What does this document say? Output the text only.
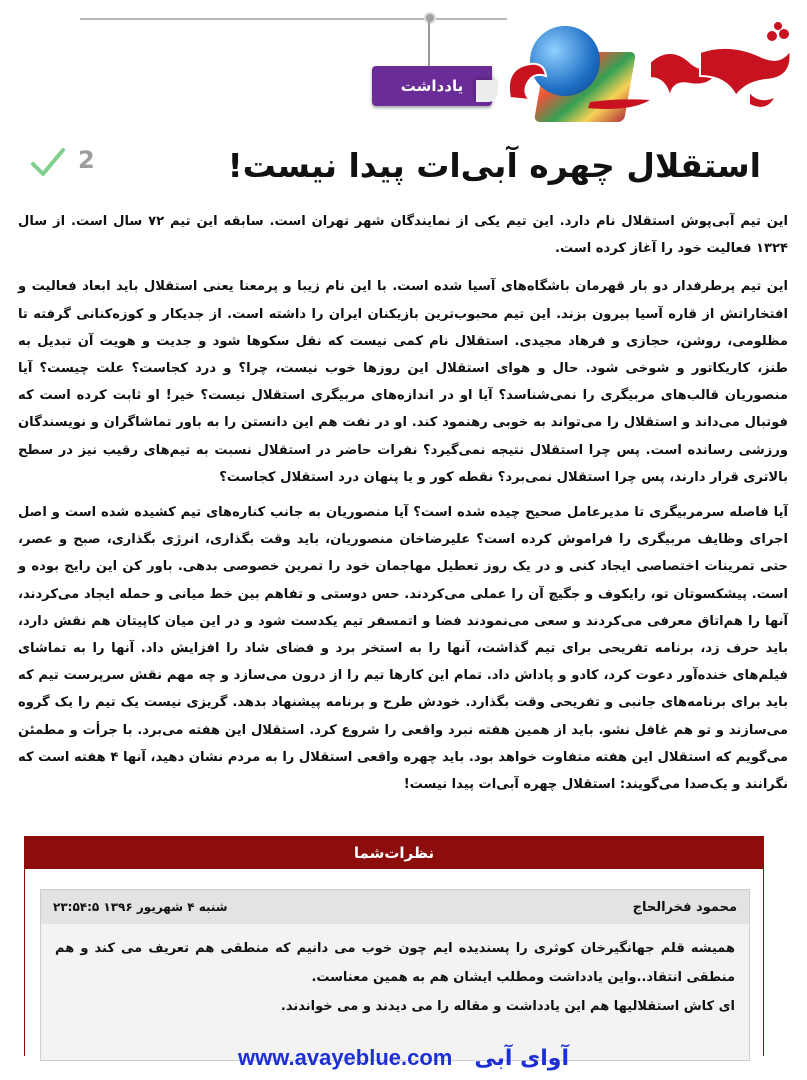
یادداشت
استقلال چهره آبی‌ات پیدا نیست!
2

این تیم آبی‌پوش استقلال نام دارد. این تیم یکی از نمایندگان شهر تهران است. سابقه این تیم ۷۲ سال است. از سال ۱۳۲۴ فعالیت خود را آغاز کرده است.

این تیم پرطرفدار دو بار قهرمان باشگاه‌های آسیا شده است. با این نام زیبا و پرمعنا یعنی استقلال باید ابعاد فعالیت و افتخاراتش از قاره آسیا بیرون بزند. این تیم محبوب‌ترین بازیکنان ایران را داشته است. از جدیکار و کوزه‌کنانی گرفته تا مظلومی، روشن، حجازی و فرهاد مجیدی. استقلال نام کمی نیست که نقل سکوها شود و جدیت و هویت آن تبدیل به طنز، کاریکاتور و شوخی شود. حال و هوای استقلال این روزها خوب نیست، چرا؟ و درد کجاست؟ علت چیست؟ آیا منصوریان قالب‌های مربیگری را نمی‌شناسد؟ آیا او در اندازه‌های مربیگری استقلال نیست؟ خیر! او ثابت کرده است که فوتبال می‌داند و استقلال را می‌تواند به خوبی رهنمود کند. او در نفت هم این دانستن را به باور تماشاگران و نویسندگان ورزشی رسانده است. پس چرا استقلال نتیجه نمی‌گیرد؟ نفرات حاضر در استقلال نسبت به تیم‌های رقیب نیز در سطح بالاتری قرار دارند، پس چرا استقلال نمی‌برد؟ نقطه کور و یا پنهان درد استقلال کجاست؟

آیا فاصله سرمربیگری تا مدیرعامل صحیح چیده شده است؟ آیا منصوریان به جانب کناره‌های تیم کشیده شده است و اصل اجرای وظایف مربیگری را فراموش کرده است؟ علیرضاخان منصوریان، باید وقت بگذاری، انرژی بگذاری، صبح و عصر، حتی تمرینات اختصاصی ایجاد کنی و در یک روز تعطیل مهاجمان خود را تمرین خصوصی بدهی. باور کن این رایج بوده و است. پیشکسوتان تو، رایکوف و جگیچ آن را عملی می‌کردند. حس دوستی و تفاهم بین خط میانی و حمله ایجاد می‌کردند، آنها را هم‌اتاق معرفی می‌کردند و سعی می‌نمودند فضا و اتمسفر تیم یکدست شود و در این میان کاپیتان هم نقش دارد، باید حرف زد، برنامه تفریحی برای تیم گذاشت، آنها را به استخر برد و فضای شاد را افزایش داد. آنها را به تماشای فیلم‌های خنده‌آور دعوت کرد، کادو و پاداش داد. تمام این کارها تیم را از درون می‌سازد و چه مهم نقش سرپرست تیم که باید برای برنامه‌های جانبی و تفریحی وقت بگذارد. خودش طرح و برنامه پیشنهاد بدهد. گریزی نیست یک تیم را یک گروه می‌سازند و تو هم غافل نشو. باید از همین هفته نبرد واقعی را شروع کرد. استقلال این هفته می‌برد. با جرأت و مطمئن می‌گویم که استقلال این هفته متفاوت خواهد بود. باید چهره واقعی استقلال را به مردم نشان دهید، آنها ۴ هفته است که نگرانند و یک‌صدا می‌گویند: استقلال چهره آبی‌ات پیدا نیست!

نظرات‌شما
محمود فخرالحاج
شنبه ۴ شهریور ۱۳۹۶ ۲۳:۵۴:۵
همیشه قلم جهانگیرخان کوثری را پسندیده ایم چون خوب می دانیم که منطقی هم تعریف می کند و هم منطقی انتقاد..واین یادداشت ومطلب ایشان هم به همین معناست.
ای کاش استقلالیها هم این یادداشت و مقاله را می دیدند و می خواندند.
www.avayeblue.com آوای آبی
